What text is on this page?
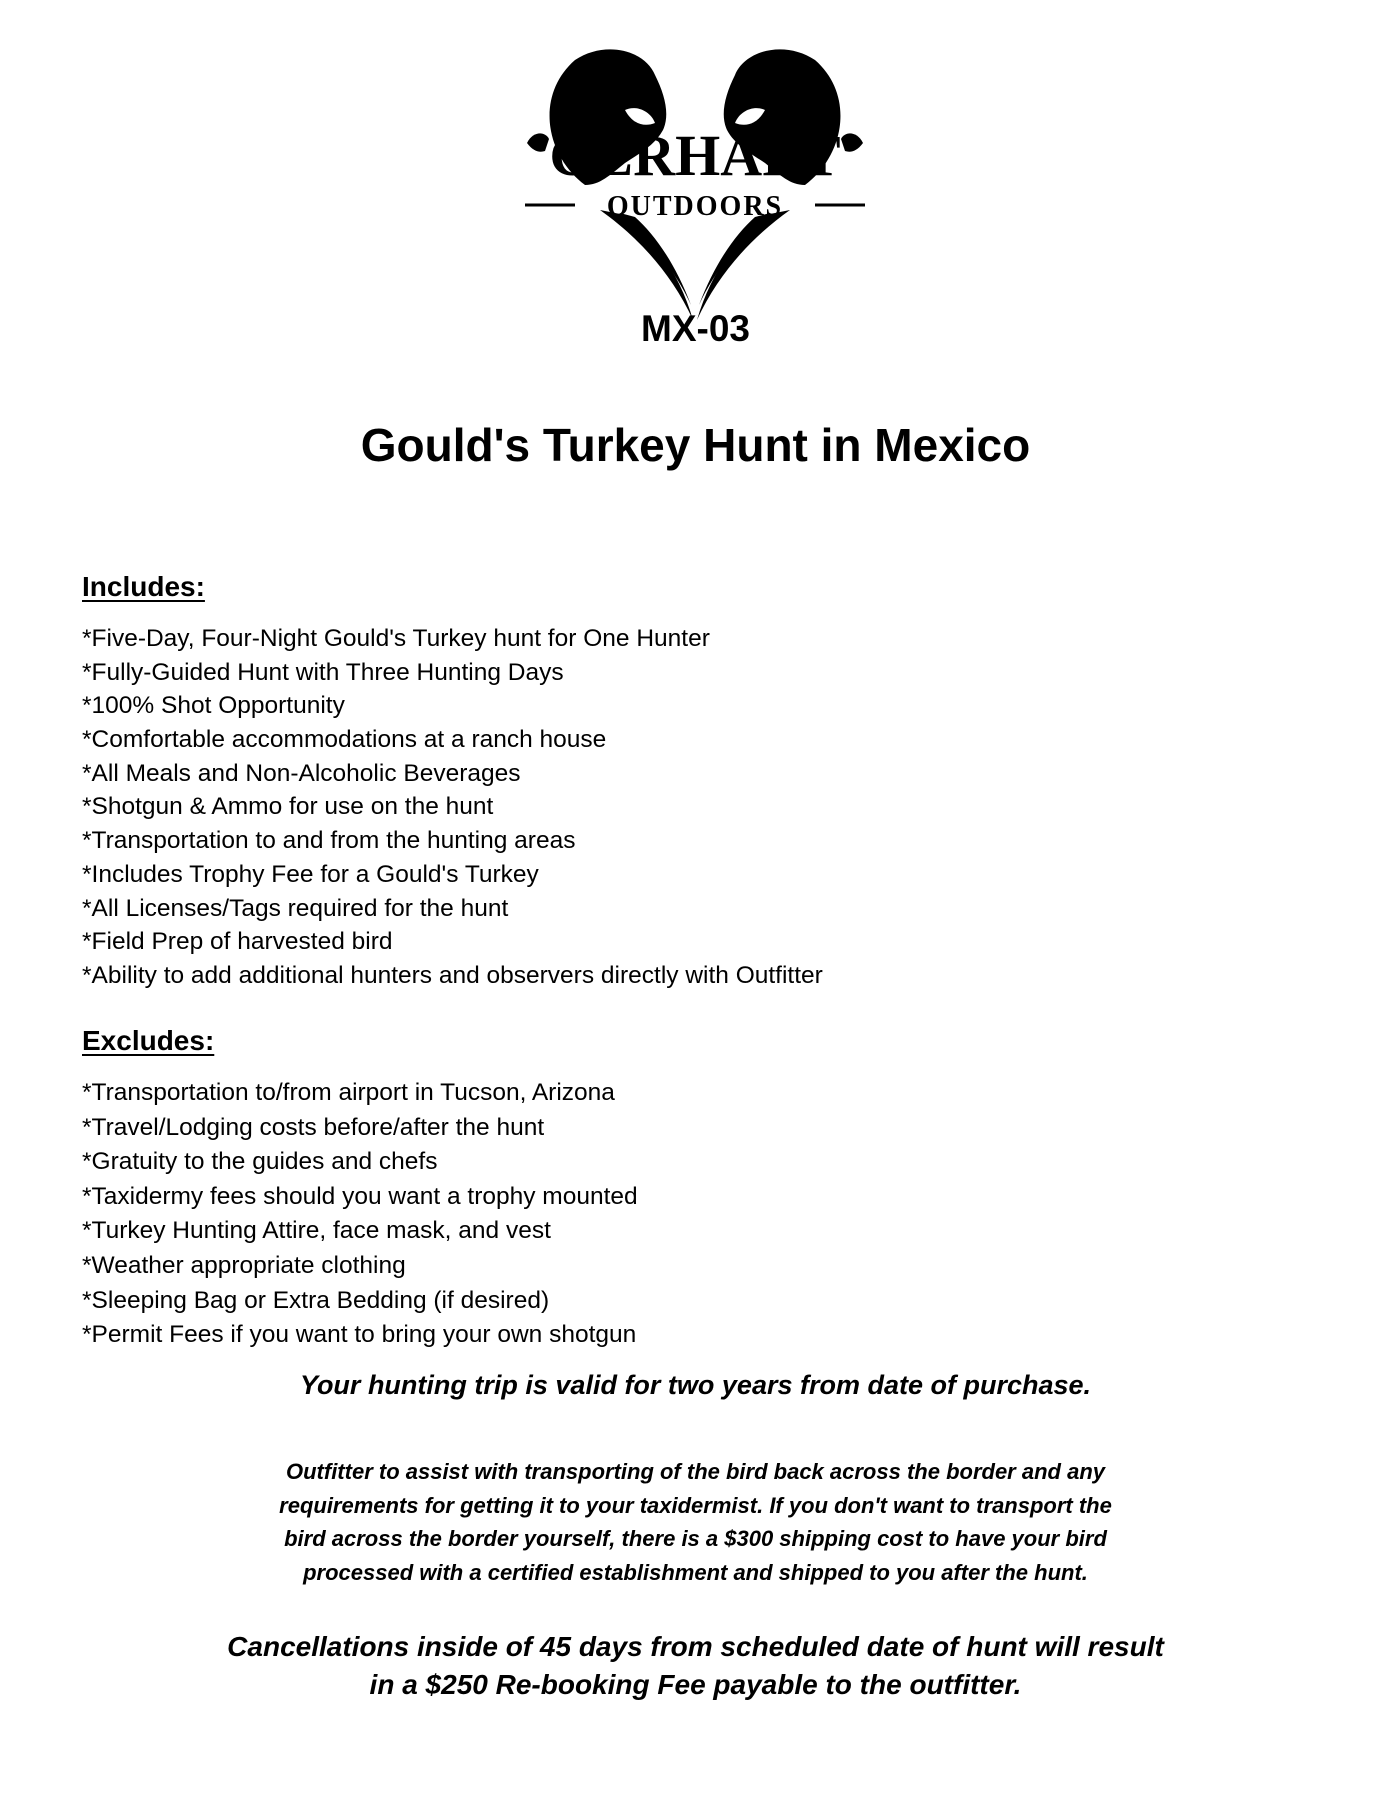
GERHART
OUTDOORS
MX-03
Gould's Turkey Hunt in Mexico
Includes:
*Five-Day, Four-Night Gould's Turkey hunt for One Hunter
*Fully-Guided Hunt with Three Hunting Days
*100% Shot Opportunity
*Comfortable accommodations at a ranch house
*All Meals and Non-Alcoholic Beverages
*Shotgun & Ammo for use on the hunt
*Transportation to and from the hunting areas
*Includes Trophy Fee for a Gould's Turkey
*All Licenses/Tags required for the hunt
*Field Prep of harvested bird
*Ability to add additional hunters and observers directly with Outfitter
Excludes:
*Transportation to/from airport in Tucson, Arizona
*Travel/Lodging costs before/after the hunt
*Gratuity to the guides and chefs
*Taxidermy fees should you want a trophy mounted
*Turkey Hunting Attire, face mask, and vest
*Weather appropriate clothing
*Sleeping Bag or Extra Bedding (if desired)
*Permit Fees if you want to bring your own shotgun
Your hunting trip is valid for two years from date of purchase.
Outfitter to assist with transporting of the bird back across the border and any
requirements for getting it to your taxidermist. If you don't want to transport the
bird across the border yourself, there is a $300 shipping cost to have your bird
processed with a certified establishment and shipped to you after the hunt.
Cancellations inside of 45 days from scheduled date of hunt will result
in a $250 Re-booking Fee payable to the outfitter.
